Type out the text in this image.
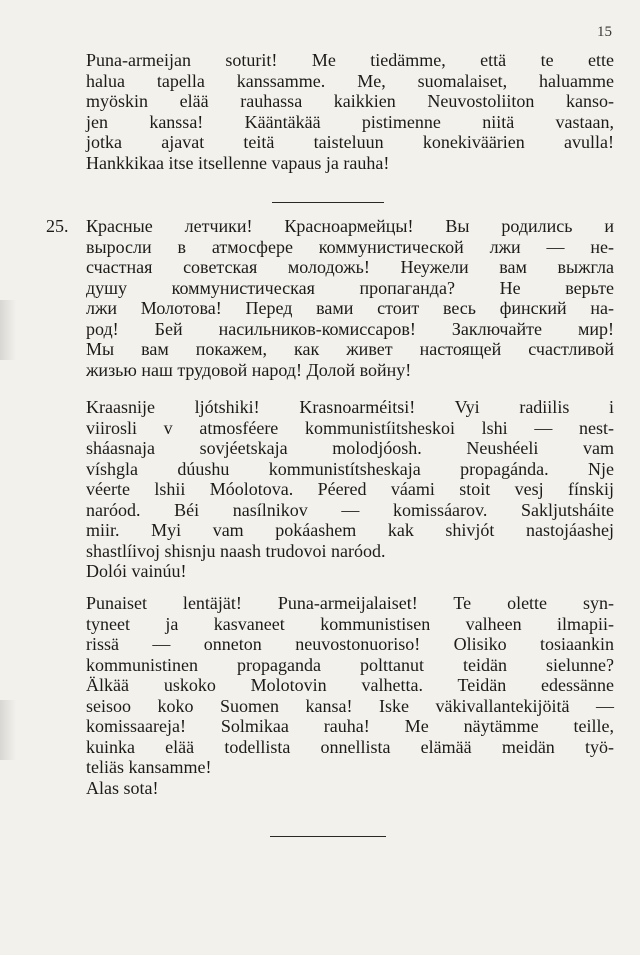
15
Puna-armeijan soturit! Me tiedämme, että te ette
halua tapella kanssamme. Me, suomalaiset, haluamme
myöskin elää rauhassa kaikkien Neuvostoliiton kanso-
jen kanssa! Kääntäkää pistimenne niitä vastaan,
jotka ajavat teitä taisteluun konekiväärien avulla!
Hankkikaa itse itsellenne vapaus ja rauha!
25. Красные летчики! Красноармейцы! Вы родились и
выросли в атмосфере коммунистической лжи — не-
счастная советская молодожь! Неужели вам выжгла
душу коммунистическая пропаганда? Не верьте
лжи Молотова! Перед вами стоит весь финский на-
род! Бей насильников-комиссаров! Заключайте мир!
Мы вам покажем, как живет настоящей счастливой
жизью наш трудовой народ! Долой войну!
Kraasnije ljótshiki! Krasnoarméitsi! Vyi radiilis i
viirosli v atmosféere kommunistíitsheskoi lshi — nest-
sháasnaja sovjéetskaja molodjóosh. Neushéeli vam
víshgla dúushu kommunistítsheskaja propagánda. Nje
véerte lshii Móolotova. Péered váami stoit vesj fínskij
naróod. Béi nasílnikov — komissáarov. Sakljutsháite
miir. Myi vam pokáashem kak shivjót nastojáashej
shastlíivoj shisnju naash trudovoi naróod.
Dolói vainúu!
Punaiset lentäjät! Puna-armeijalaiset! Te olette syn-
tyneet ja kasvaneet kommunistisen valheen ilmapii-
rissä — onneton neuvostonuoriso! Olisiko tosiaankin
kommunistinen propaganda polttanut teidän sielunne?
Älkää uskoko Molotovin valhetta. Teidän edessänne
seisoo koko Suomen kansa! Iske väkivallantekijöitä —
komissaareja! Solmikaa rauha! Me näytämme teille,
kuinka elää todellista onnellista elämää meidän työ-
teliäs kansamme!
Alas sota!
